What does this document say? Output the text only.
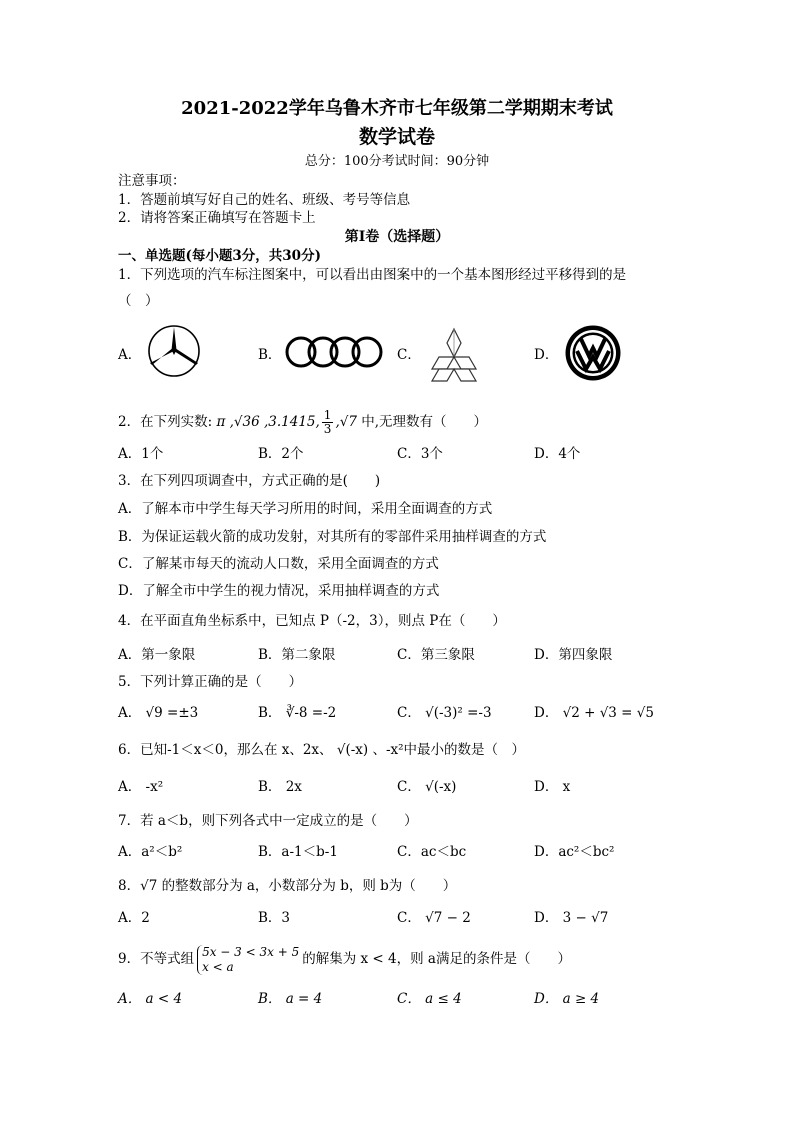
2021-2022学年乌鲁木齐市七年级第二学期期末考试
数学试卷
总分：100分考试时间：90分钟
注意事项：
1．答题前填写好自己的姓名、班级、考号等信息
2．请将答案正确填写在答题卡上
第I卷（选择题）
一、单选题(每小题3分，共30分)
1．下列选项的汽车标注图案中，可以看出由图案中的一个基本图形经过平移得到的是
（　）
A．	B．	C．	D．
2．在下列实数: π ,√36 ,3.1415, $\frac{1}{3} ,√7$ 中,无理数有（　　）
A．1个	B．2个	C．3个	D．4个
3．在下列四项调查中，方式正确的是(　　)
A．了解本市中学生每天学习所用的时间，采用全面调查的方式
B．为保证运载火箭的成功发射，对其所有的零部件采用抽样调查的方式
C．了解某市每天的流动人口数，采用全面调查的方式
D．了解全市中学生的视力情况，采用抽样调查的方式
4．在平面直角坐标系中，已知点 P（-2，3），则点 P在（　　）
A．第一象限	B．第二象限	C．第三象限	D．第四象限
5．下列计算正确的是（　　）
A． √9 =±3	B． ∛-8 =-2	C． √(-3)² =-3	D． √2 + √3 = √5
6．已知-1＜x＜0，那么在 x、2x、 √(-x) 、-x²中最小的数是（　）
A． -x²	B． 2x	C． √(-x)	D． x
7．若 a＜b，则下列各式中一定成立的是（　　）
A．a²＜b²	B．a-1＜b-1	C．ac＜bc	D．ac²＜bc²
8．√7 的整数部分为 a，小数部分为 b，则 b为（　　）
A．2	B．3	C． √7 − 2	D． 3 − √7
9．不等式组 5x − 3 < 3x + 5
x < a	的解集为 x < 4，则 a满足的条件是（　　）
A． a < 4	B． a = 4	C． a ≤ 4	D． a ≥ 4
